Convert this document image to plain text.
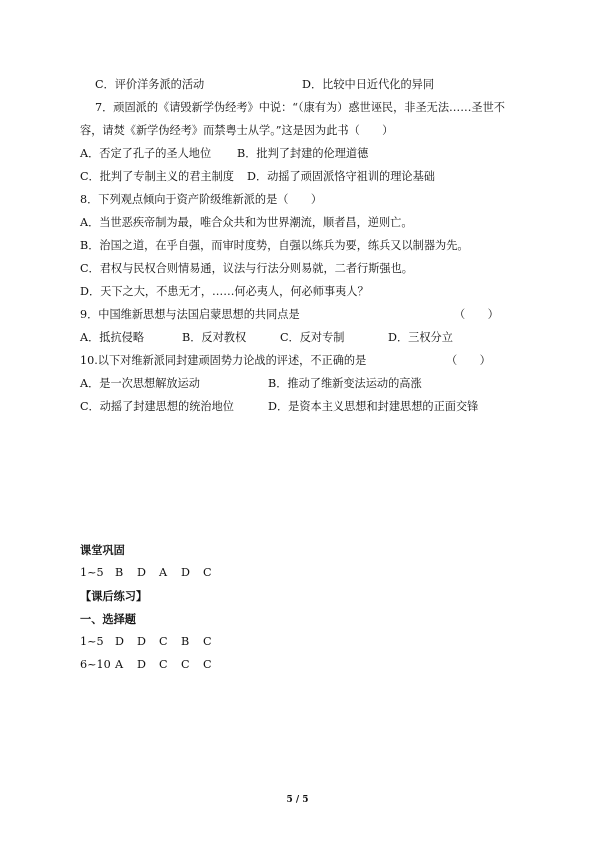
C．评价洋务派的活动	D．比较中日近代化的异同
7．顽固派的《请毁新学伪经考》中说：“（康有为）惑世诬民，非圣无法……圣世不
容，请焚《新学伪经考》而禁粤士从学。”这是因为此书（　　）
A．否定了孔子的圣人地位 B．批判了封建的伦理道德
C．批判了专制主义的君主制度 D．动摇了顽固派恪守祖训的理论基础
8．下列观点倾向于资产阶级维新派的是（　　）
A．当世恶疾帝制为最，唯合众共和为世界潮流，顺者昌，逆则亡。
B．治国之道，在乎自强，而审时度势，自强以练兵为要，练兵又以制器为先。
C．君权与民权合则情易通，议法与行法分则易就，二者行斯强也。
D．天下之大，不患无才，……何必夷人，何必师事夷人？
9．中国维新思想与法国启蒙思想的共同点是	（　　）
A．抵抗侵略	B．反对教权	C．反对专制	D．三权分立
10.以下对维新派同封建顽固势力论战的评述，不正确的是	（　　）
A．是一次思想解放运动	B．推动了维新变法运动的高涨
C．动摇了封建思想的统治地位	D．是资本主义思想和封建思想的正面交锋
课堂巩固
1~5 B D A D C
【课后练习】
一、选择题
1~5 D D C B C
6~10 A D C C C
5 / 5
